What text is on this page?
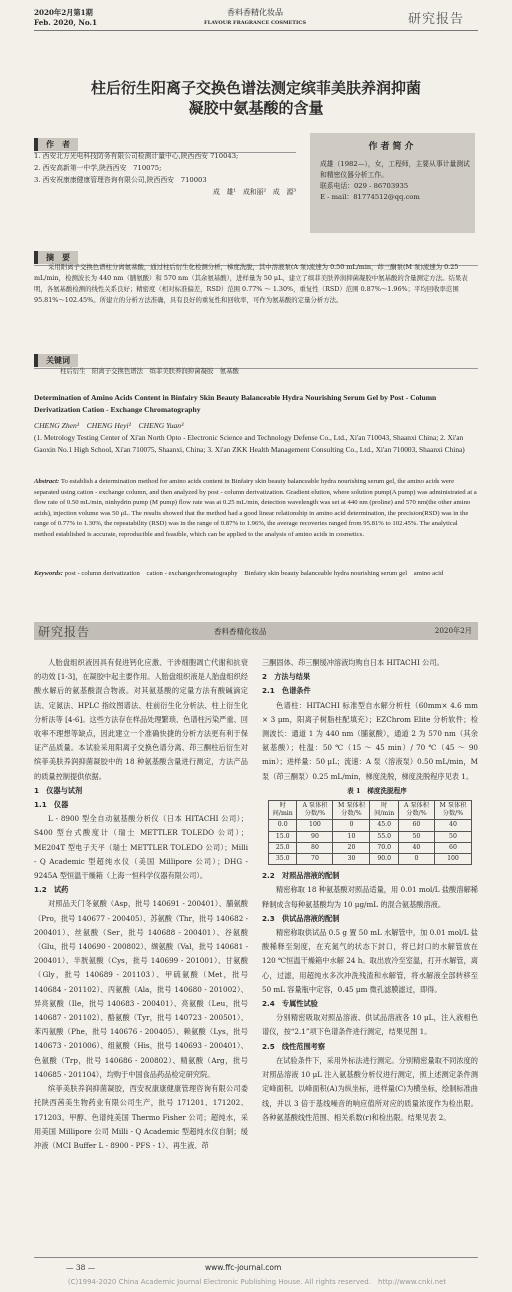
2020年2月第1期
Feb. 2020, No.1
香料香精化妆品
FLAVOUR FRAGRANCE COSMETICS	研究报告
柱后衍生阳离子交换色谱法测定缤菲美肤养润抑菌
凝胶中氨基酸的含量
作　者
1. 西安北方光电科技防务有限公司检测计量中心,陕西西安 710043;
2. 西安高新第一中学,陕西西安　710075;
3. 西安祝康康健康管理咨询有限公司,陕西西安　710003
成　雄¹　成和丽²　成　源³
作者简介
成雄（1982—），女，工程师，主要从事计量测试和精密仪器分析工作。
联系电话：029 - 86703935
E - mail：81774512@qq.com
摘　要
采用阳离子交换色谱柱分离氨基酸，通过柱后衍生化检测分析，梯度洗脱，其中溶液泵(A 泵)流速为 0.50 mL/min，茚三酮泵(M 泵)流速为 0.25 mL/min，检测波长为 440 nm（脯氨酸）和 570 nm（其余氨基酸），进样量为 50 μL，建立了缤菲美肤养润抑菌凝胶中氨基酸的含量测定方法。结果表明，各氨基酸检测的线性关系良好；精密度（相对标准偏差，RSD）范围 0.77% ～ 1.30%，重复性（RSD）范围 0.87%～1.96%；平均回收率范围 95.81%～102.45%。所建立的分析方法准确，具有良好的重复性和回收率，可作为氨基酸的定量分析方法。
关键词
柱后衍生　阳离子交换色谱法　缤菲美肤养润抑菌凝胶　氨基酸
Determination of Amino Acids Content in Binfairy Skin Beauty Balanceable Hydra Nourishing Serum Gel by Post - Column Derivatization Cation - Exchange Chromatography
CHENG Zhen¹　CHENG Heyi²　CHENG Yuan³
(1. Metrology Testing Center of Xi'an North Opto - Electronic Science and Technology Defense Co., Ltd., Xi'an 710043, Shaanxi China; 2. Xi'an Gaoxin No.1 High School, Xi'an 710075, Shaanxi, China; 3. Xi'an ZKK Health Management Consulting Co., Ltd., Xi'an 710003, Shaanxi China)
Abstract: To establish a determination method for amino acids content in Binfairy skin beauty balanceable hydra nourishing serum gel, the amino acids were separated using cation - exchange column, and then analyzed by post - column derivatization. Gradient elution, where solution pump(A pump) was administrated at a flow rate of 0.50 mL/min, ninhydrin pump (M pump) flow rate was at 0.25 mL/min, detection wavelength was set at 440 nm (proline) and 570 nm(the other amino acids), injection volume was 50 μL. The results showed that the method had a good linear relationship in amino acid determination, the precision(RSD) was in the range of 0.77% to 1.30%, the repeatability (RSD) was in the range of 0.87% to 1.96%, the average recoveries ranged from 95.81% to 102.45%. The analytical method established is accurate, reproducible and feasible, which can be applied to the analysis of amino acids in cosmetics.
Keywords: post - column derivatization　cation - exchangechromatography　Binfairy skin beauty balanceable hydra nourishing serum gel　amino acid
研究报告	香料香精化妆品	2020年2月

人胎盘组织液因具有促进钙化应激、干涉细胞凋亡代谢和抗衰的功效 [1-3]，在凝胶中起主要作用。人胎盘组织液是人胎盘组织经酸水解后的氨基酸混合物液。对其氨基酸的定量方法有酸碱滴定法、定氮法、HPLC 指纹图谱法、柱前衍生化分析法、柱上衍生化分析法等 [4-6]。这些方法存在样品处理繁琐、色谱柱污染严重、回收率不理想等缺点，因此建立一个准确快捷的分析方法更有利于保证产品质量。本试验采用阳离子交换色谱分离、茚三酮柱后衍生对缤菲美肤养润抑菌凝胶中的 18 种氨基酸含量进行测定，方法产品的质量控制提供依据。

1　仪器与试剂

1.1　仪器

L - 8900 型全自动氨基酸分析仪（日本 HITACHI 公司）；S400 型台式酸度计（瑞士 METTLER TOLEDO 公司）；ME204T 型电子天平（瑞士 METTLER TOLEDO 公司）；Milli - Q Academic 型超纯水仪（美国 Millipore 公司）；DHG - 9245A 型恒温干燥箱（上海一恒科学仪器有限公司）。

1.2　试药

对照品天门冬氨酸（Asp，批号 140691 - 200401）、脯氨酸（Pro，批号 140677 - 200405）、苏氨酸（Thr，批号 140682 - 200401）、丝氨酸（Ser，批号 140688 - 200401）、谷氨酸（Glu，批号 140690 - 200802）、缬氨酸（Val，批号 140681 - 200401）、半胱氨酸（Cys，批号 140699 - 201001）、甘氨酸（Gly，批号 140689 - 201103）、甲硫氨酸（Met，批号 140684 - 201102）、丙氨酸（Ala，批号 140680 - 201002）、异亮氨酸（Ile，批号 140683 - 200401）、亮氨酸（Leu，批号 140687 - 201102）、酪氨酸（Tyr，批号 140723 - 200501）、苯丙氨酸（Phe，批号 140676 - 200405）、赖氨酸（Lys，批号 140673 - 201006）、组氨酸（His，批号 140693 - 200401）、色氨酸（Trp，批号 140686 - 200802）、精氨酸（Arg，批号 140685 - 201104），均购于中国食品药品检定研究院。

缤菲美肤养润抑菌凝胶，西安祝康康健康管理咨询有限公司委托陕西茜美生物药业有限公司生产，批号 171201、171202、171203。甲醇、色谱纯美国 Thermo Fisher 公司；超纯水，采用美国 Millipore 公司 Milli - Q Academic 型超纯水仪自制；缓冲液（MCI Buffer L - 8900 - PFS - 1）、再生液、茚

三酮固体、茚三酮缓冲溶液均购自日本 HITACHI 公司。

2　方法与结果

2.1　色谱条件

色谱柱：HITACHI 标准型自水解分析柱（60mm× 4.6 mm × 3 μm，阳离子树脂柱配填充）；EZChrom Elite 分析软件；检测波长：通道 1 为 440 nm（脯氨酸），通道 2 为 570 nm（其余氨基酸）；柱温：50 ℃（15 ～ 45 min）/ 70 ℃（45 ～ 90 min）；进样量：50 μL；流速：A 泵（溶液泵）0.50 mL/min，M 泵（茚三酮泵）0.25 mL/min，梯度洗脱，梯度洗脱程序见表 1。

表 1　梯度洗脱程序

时间/min	A 泵体积分数/%	M 泵体积分数/%	时间/min	A 泵体积分数/%	M 泵体积分数/%
0.0	100	0	45.0	60	40
15.0	90	10	55.0	50	50
25.0	80	20	70.0	40	60
35.0	70	30	90.0	0	100

2.2　对照品溶液的配制

精密称取 18 种氨基酸对照品适量，用 0.01 mol/L 盐酸溶解稀释制成含每种氨基酸均为 10 μg/mL 的混合氨基酸溶液。

2.3　供试品溶液的配制

精密称取供试品 0.5 g 置 50 mL 水解管中，加 0.01 mol/L 盐酸稀释至刻度，在充氮气的状态下封口，将已封口的水解管放在 120 ℃恒温干燥箱中水解 24 h。取出放冷至室温，打开水解管，离心，过滤，用超纯水多次冲洗残渣和水解管，将水解液全部转移至 50 mL 容量瓶中定容，0.45 μm 微孔滤膜滤过，即得。

2.4　专属性试验

分别精密吸取对照品溶液、供试品溶液各 10 μL，注入液相色谱仪，按“2.1”项下色谱条件进行测定，结果见图 1。

2.5　线性范围考察

在试验条件下，采用外标法进行测定。分别精密量取不同浓度的对照品溶液 10 μL 注入氨基酸分析仪进行测定，照上述测定条件测定峰面积。以峰面积(A)为纵坐标，进样量(C)为横坐标，绘制标准曲线，并以 3 倍于基线噪音的响应值所对应的质量浓度作为检出限。各种氨基酸线性范围、相关系数(r)和检出限。结果见表 2。

— 38 —	www.ffc-journal.com
(C)1994-2020 China Academic Journal Electronic Publishing House. All rights reserved.　http://www.cnki.net
